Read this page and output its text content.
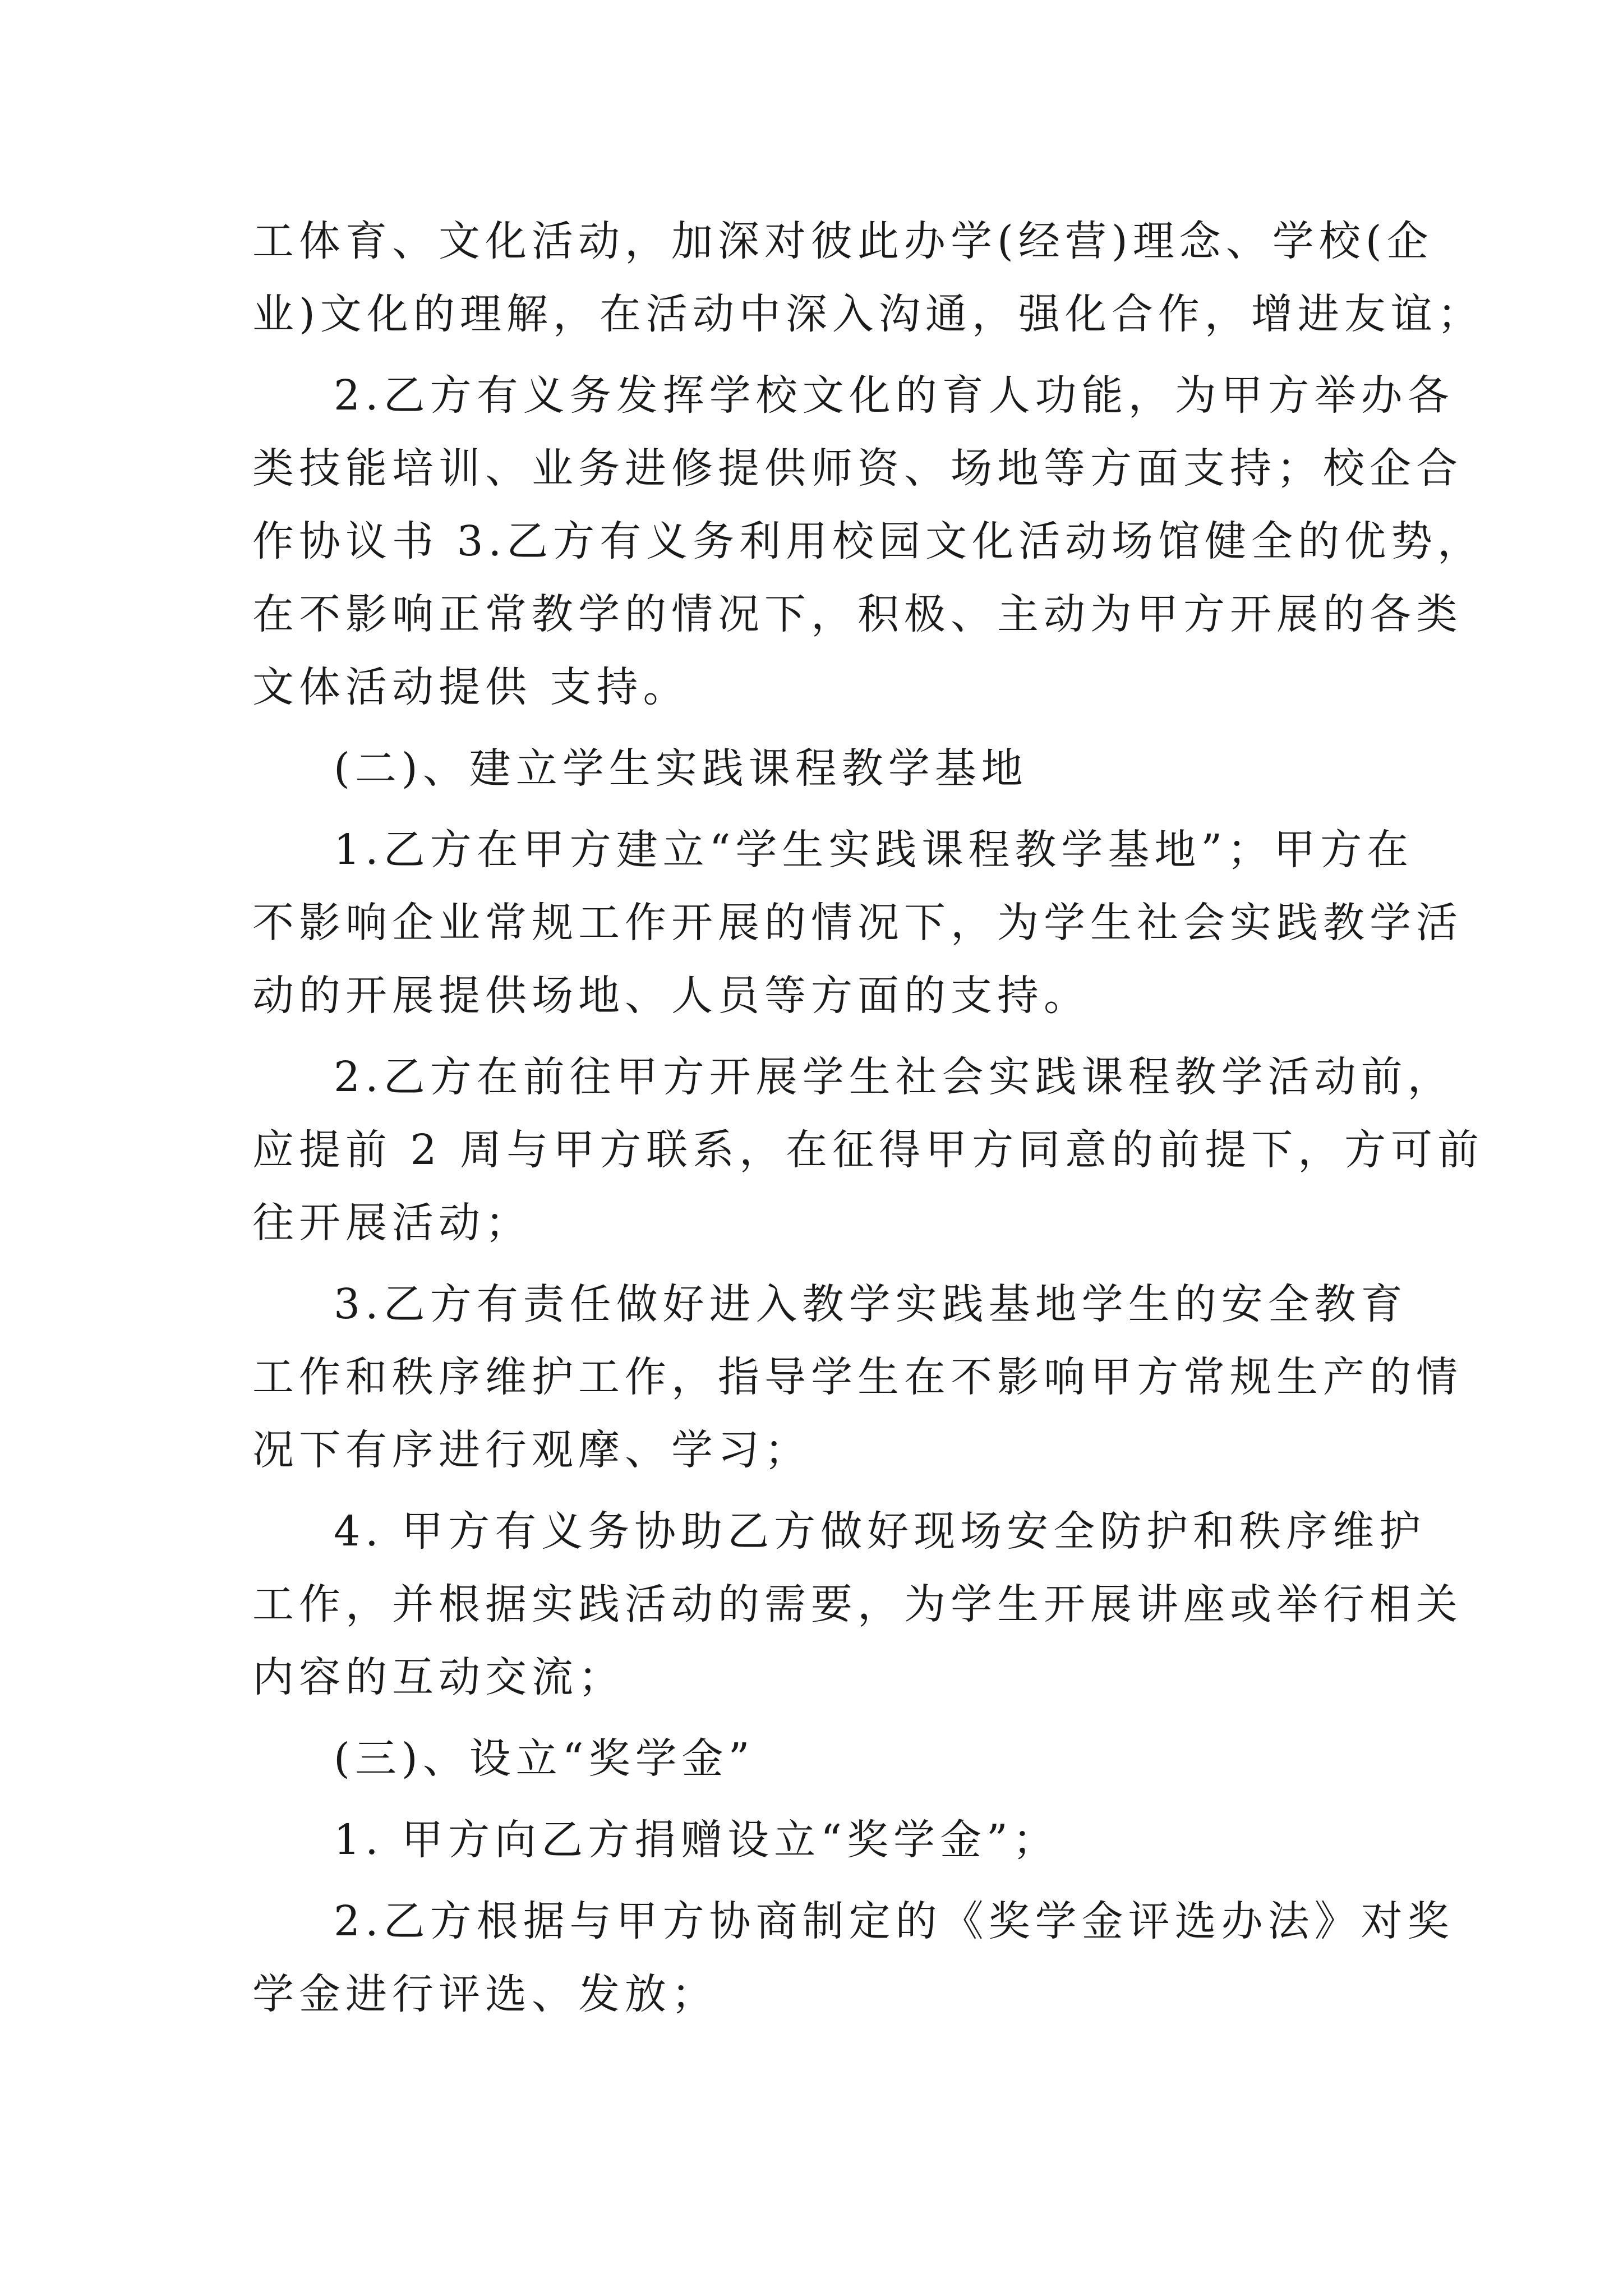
工体育、文化活动，加深对彼此办学(经营)理念、学校(企

业)文化的理解，在活动中深入沟通，强化合作，增进友谊；

2.乙方有义务发挥学校文化的育人功能，为甲方举办各

类技能培训、业务进修提供师资、场地等方面支持；校企合

作协议书 3.乙方有义务利用校园文化活动场馆健全的优势，

在不影响正常教学的情况下，积极、主动为甲方开展的各类

文体活动提供 支持。

(二)、建立学生实践课程教学基地

1.乙方在甲方建立“学生实践课程教学基地”；甲方在

不影响企业常规工作开展的情况下，为学生社会实践教学活

动的开展提供场地、人员等方面的支持。

2.乙方在前往甲方开展学生社会实践课程教学活动前，

应提前 2 周与甲方联系，在征得甲方同意的前提下，方可前

往开展活动；

3.乙方有责任做好进入教学实践基地学生的安全教育

工作和秩序维护工作，指导学生在不影响甲方常规生产的情

况下有序进行观摩、学习；

4. 甲方有义务协助乙方做好现场安全防护和秩序维护

工作，并根据实践活动的需要，为学生开展讲座或举行相关

内容的互动交流；

(三)、设立“奖学金”

1. 甲方向乙方捐赠设立“奖学金”；

2.乙方根据与甲方协商制定的《奖学金评选办法》对奖

学金进行评选、发放；
